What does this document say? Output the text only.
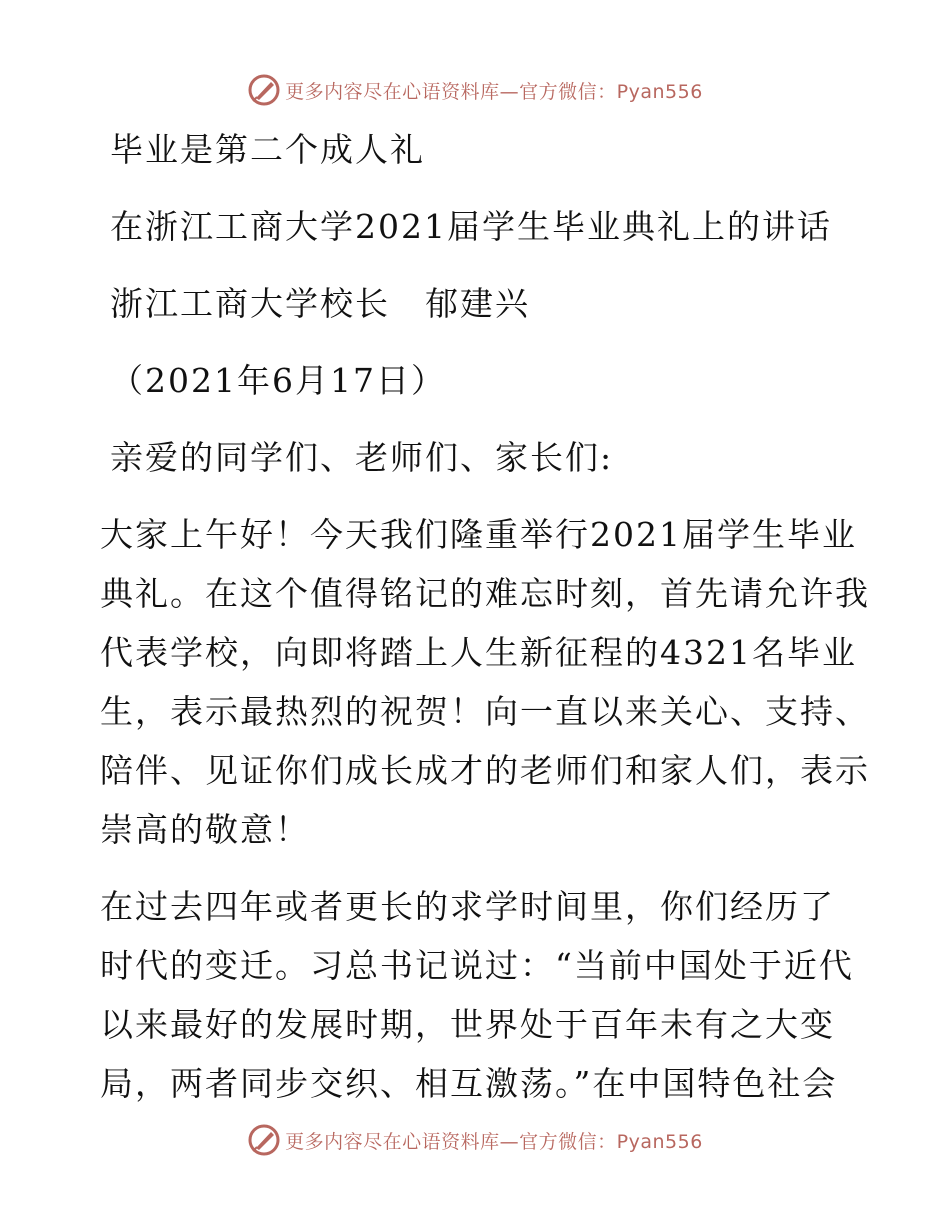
更多内容尽在心语资料库—官方微信：Pyan556
毕业是第二个成人礼
在浙江工商大学2021届学生毕业典礼上的讲话
浙江工商大学校长　郁建兴
（2021年6月17日）
亲爱的同学们、老师们、家长们:
大家上午好！今天我们隆重举行2021届学生毕业
典礼。在这个值得铭记的难忘时刻，首先请允许我
代表学校，向即将踏上人生新征程的4321名毕业
生，表示最热烈的祝贺！向一直以来关心、支持、
陪伴、见证你们成长成才的老师们和家人们，表示
崇高的敬意！
在过去四年或者更长的求学时间里，你们经历了
时代的变迁。习总书记说过：“当前中国处于近代
以来最好的发展时期，世界处于百年未有之大变
局，两者同步交织、相互激荡。”在中国特色社会
更多内容尽在心语资料库—官方微信：Pyan556
